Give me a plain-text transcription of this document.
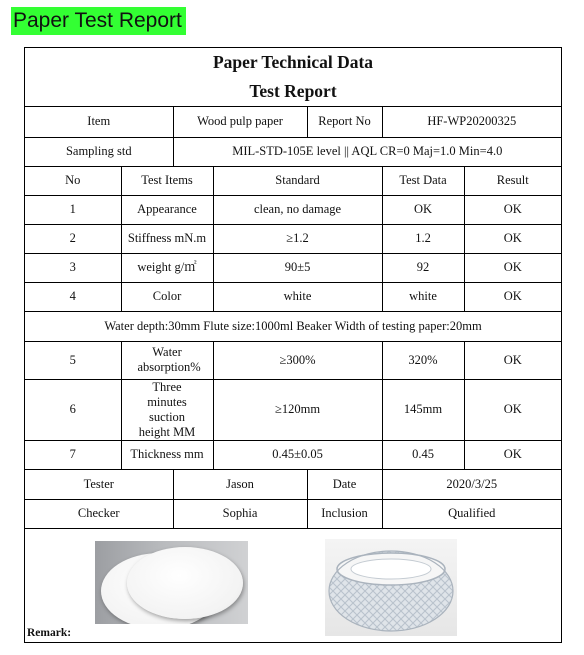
Paper Test Report
Paper Technical Data
Test Report
Item		Wood pulp paper		Report No	HF-WP20200325	
Sampling std		MIL-STD-105E level || AQL CR=0 Maj=1.0 Min=4.0				
No	Test Items		Standard		Test Data	Result
1	Appearance		clean, no damage		OK	OK
2	Stiffness mN.m		≥1.2		1.2	OK
3	weight g/㎡		90±5		92	OK
4	Color		white		white	OK
Water depth:30mm Flute size:1000ml Beaker Width of testing paper:20mm						
5	Water absorption%		≥300%		320%	OK
6	Three minutes suction height MM		≥120mm		145mm	OK
7	Thickness mm		0.45±0.05		0.45	OK
Tester		Jason		Date	2020/3/25	
Checker		Sophia		Inclusion	Qualified	
Remark:
